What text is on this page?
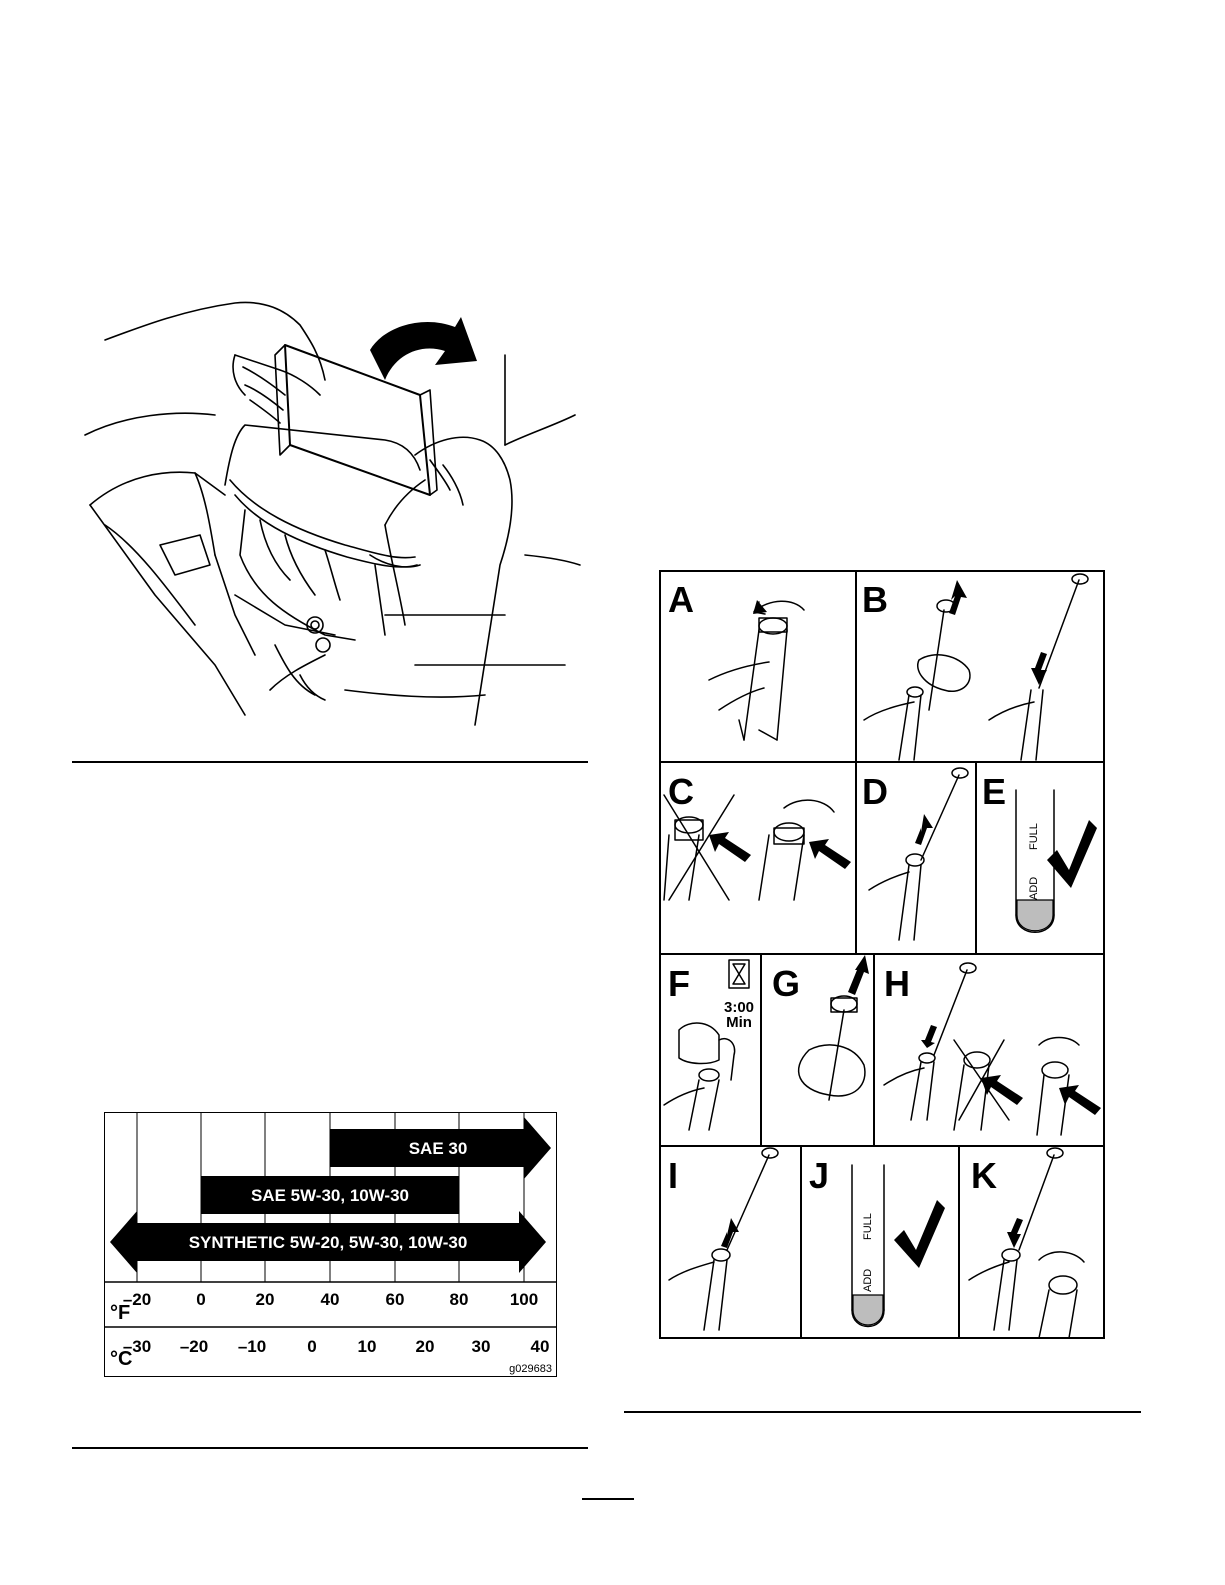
SAE 30
SAE 5W-30, 10W-30
SYNTHETIC 5W-20, 5W-30, 10W-30
°F
–20	0	20	40	60	80 100
°C
–30 –20 –10 0 10 20 30 40
g029683
A	B
C	D	E
F G H
I	J	K
ADD
FULL
ADD
FULL
3:00
Min
